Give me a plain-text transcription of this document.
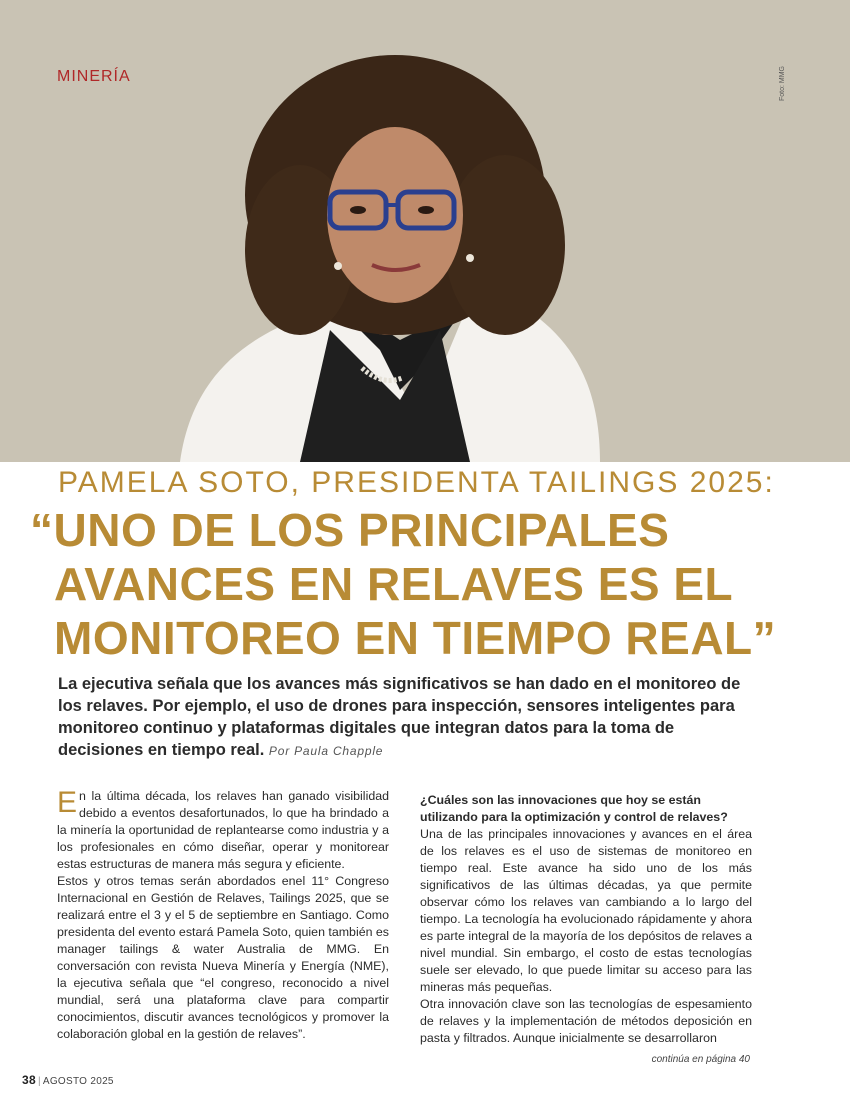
MINERÍA	Foto: MMG
PAMELA SOTO, PRESIDENTA TAILINGS 2025:
“UNO DE LOS PRINCIPALES
AVANCES EN RELAVES ES EL
MONITOREO EN TIEMPO REAL”

La ejecutiva señala que los avances más significativos se han dado en el monitoreo de los relaves. Por ejemplo, el uso de drones para inspección, sensores inteligentes para monitoreo continuo y plataformas digitales que integran datos para la toma de decisiones en tiempo real. Por Paula Chapple

E n la última década, los relaves han ganado visibilidad debido a eventos desafortunados, lo que ha brindado a la minería la oportunidad de replantearse como industria y a los profesionales en cómo diseñar, operar y monitorear estas estructuras de manera más segura y eficiente.

Estos y otros temas serán abordados enel 11° Congreso Internacional en Gestión de Relaves, Tailings 2025, que se realizará entre el 3 y el 5 de septiembre en Santiago. Como presidenta del evento estará Pamela Soto, quien también es manager tailings & water Australia de MMG. En conversación con revista Nueva Minería y Energía (NME), la ejecutiva señala que “el congreso, reconocido a nivel mundial, será una plataforma clave para compartir conocimientos, discutir avances tecnológicos y promover la colaboración global en la gestión de relaves”.

¿Cuáles son las innovaciones que hoy se están utilizando para la optimización y control de relaves?

Una de las principales innovaciones y avances en el área de los relaves es el uso de sistemas de monitoreo en tiempo real. Este avance ha sido uno de los más significativos de las últimas décadas, ya que permite observar cómo los relaves van cambiando a lo largo del tiempo. La tecnología ha evolucionado rápidamente y ahora es parte integral de la mayoría de los depósitos de relaves a nivel mundial. Sin embargo, el costo de estas tecnologías suele ser elevado, lo que puede limitar su acceso para las mineras más pequeñas.

Otra innovación clave son las tecnologías de espesamiento de relaves y la implementación de métodos deposición en pasta y filtrados. Aunque inicialmente se desarrollaron

continúa en página 40
38 | AGOSTO 2025
